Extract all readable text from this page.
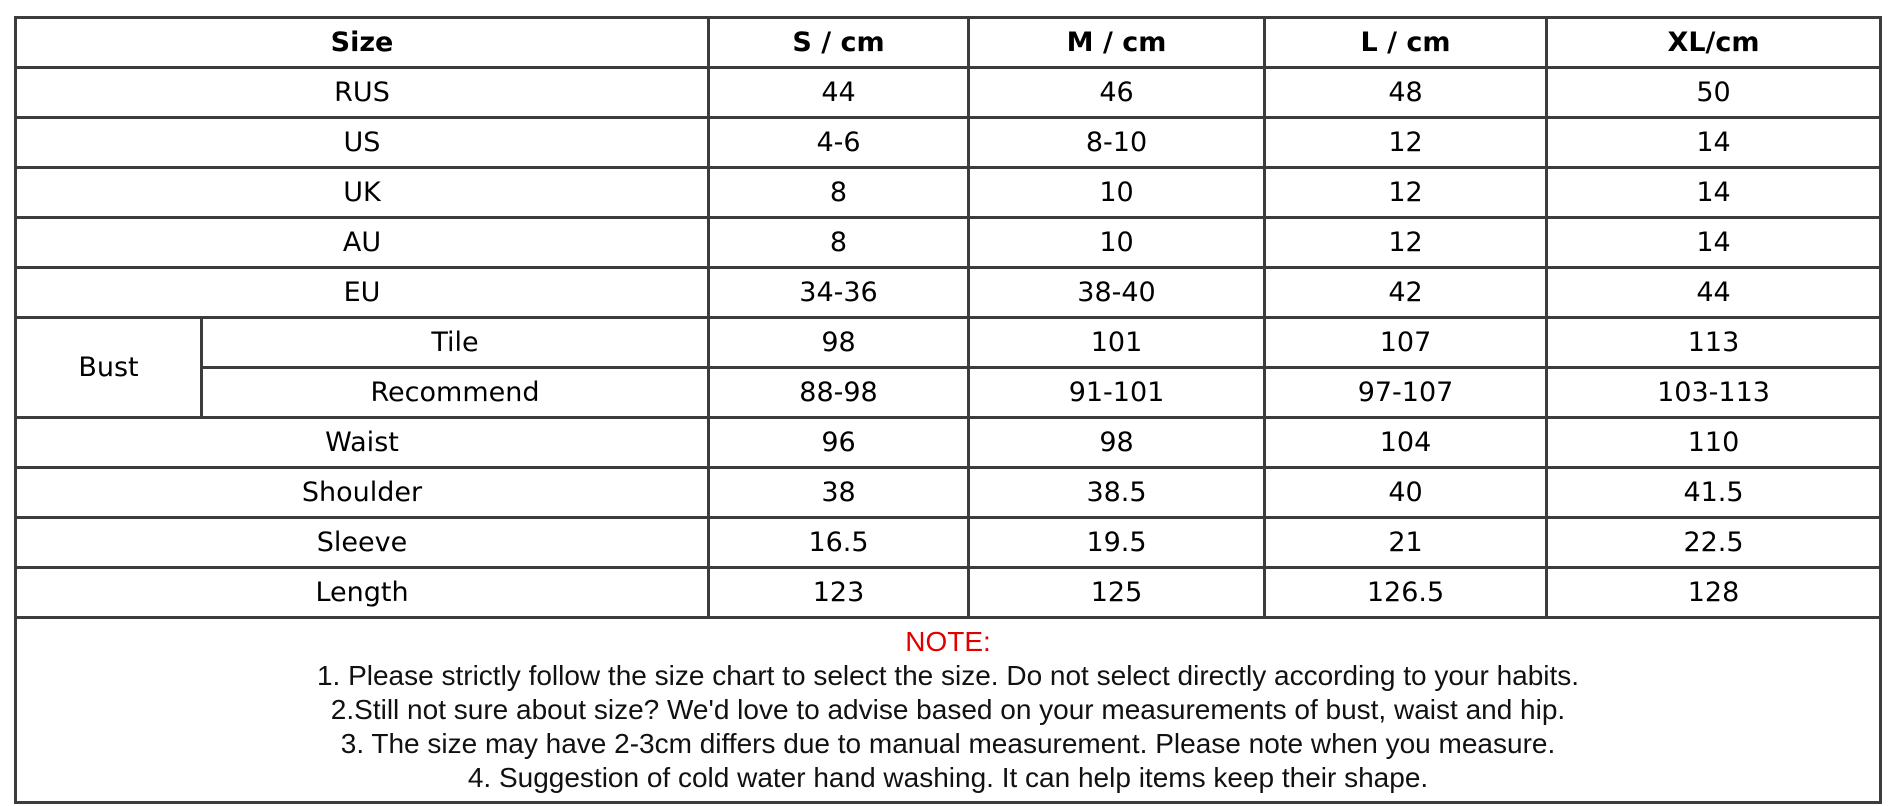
Size		S / cm	M / cm	L / cm	XL/cm
RUS		44	46	48	50
US		4-6	8-10	12	14
UK		8	10	12	14
AU		8	10	12	14
EU		34-36	38-40	42	44
Bust	Tile	98	101	107	113
	Recommend	88-98	91-101	97-107	103-113
Waist		96	98	104	110
Shoulder		38	38.5	40	41.5
Sleeve		16.5	19.5	21	22.5
Length		123	125	126.5	128

NOTE:
1. Please strictly follow the size chart to select the size. Do not select directly according to your habits.
2.Still not sure about size? We'd love to advise based on your measurements of bust, waist and hip.
3. The size may have 2-3cm differs due to manual measurement. Please note when you measure.
4. Suggestion of cold water hand washing. It can help items keep their shape.					
